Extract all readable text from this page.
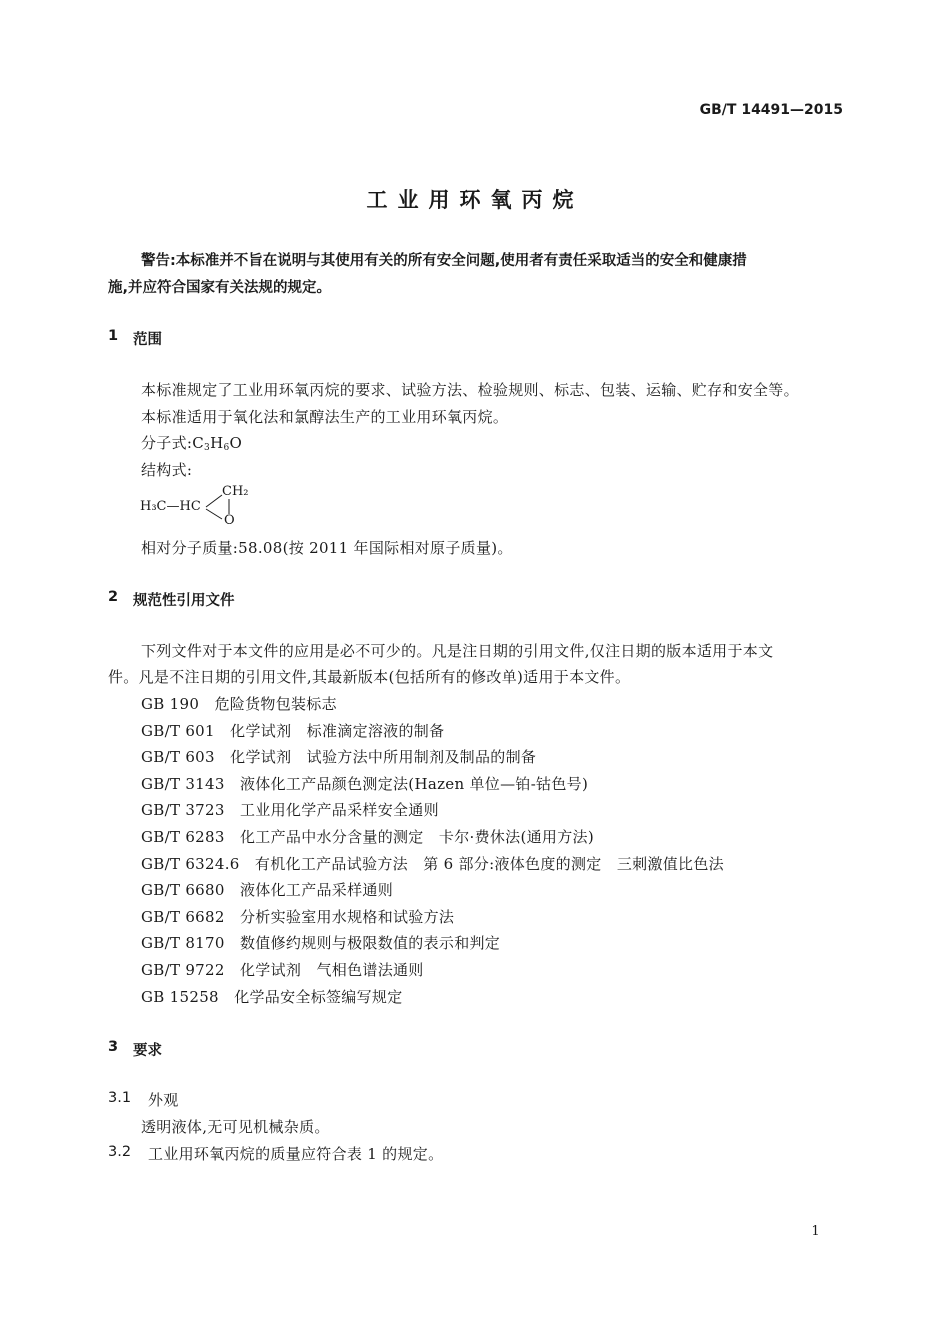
GB/T 14491—2015
工业用环氧丙烷
警告:本标准并不旨在说明与其使用有关的所有安全问题,使用者有责任采取适当的安全和健康措
施,并应符合国家有关法规的规定。
1 范围
本标准规定了工业用环氧丙烷的要求、试验方法、检验规则、标志、包装、运输、贮存和安全等。
本标准适用于氧化法和氯醇法生产的工业用环氧丙烷。
分子式$:C_3H_6O$
结构式:
H₃C—HC
CH₂
O
相对分子质量:58.08(按 2011 年国际相对原子质量)。
2 规范性引用文件
下列文件对于本文件的应用是必不可少的。凡是注日期的引用文件,仅注日期的版本适用于本文
件。凡是不注日期的引用文件,其最新版本(包括所有的修改单)适用于本文件。
GB 190　危险货物包装标志
GB/T 601　化学试剂　标准滴定溶液的制备
GB/T 603　化学试剂　试验方法中所用制剂及制品的制备
GB/T 3143　液体化工产品颜色测定法(Hazen 单位—铂-钴色号)
GB/T 3723　工业用化学产品采样安全通则
GB/T 6283　化工产品中水分含量的测定　卡尔·费休法(通用方法)
GB/T 6324.6　有机化工产品试验方法　第 6 部分:液体色度的测定　三刺激值比色法
GB/T 6680　液体化工产品采样通则
GB/T 6682　分析实验室用水规格和试验方法
GB/T 8170　数值修约规则与极限数值的表示和判定
GB/T 9722　化学试剂　气相色谱法通则
GB 15258　化学品安全标签编写规定
3 要求
3.1 外观
透明液体,无可见机械杂质。
3.2 工业用环氧丙烷的质量应符合表 1 的规定。
1
